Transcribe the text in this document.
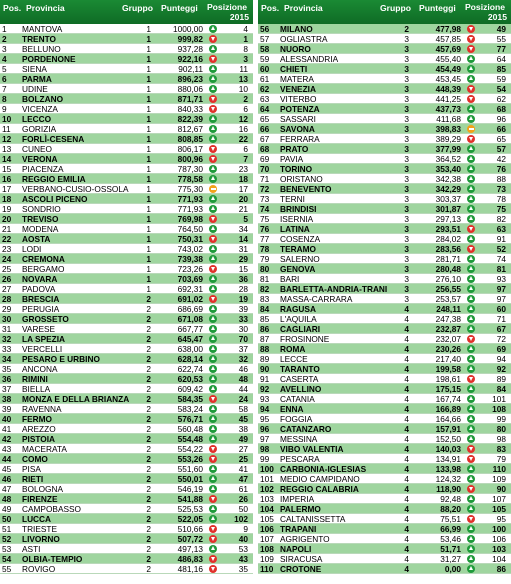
Pos. Provincia	Gruppo Punteggi	Posizione
2015
1	MANTOVA	1	1000,00	4
2	TRENTO	1	999,82	1
3	BELLUNO	1	937,28	8
4	PORDENONE	1	922,16	3
5	SIENA	1	902,11	11
6	PARMA	1	896,23	13
7	UDINE	1	880,06	10
8	BOLZANO	1	871,71	2
9	VICENZA	1	840,33	6
10	LECCO	1	822,39	12
11	GORIZIA	1	812,67	16
12	FORLÌ-CESENA	1	808,85	22
13	CUNEO	1	806,17	6
14	VERONA	1	800,96	7
15	PIACENZA	1	787,30	23
16	REGGIO EMILIA	1	778,58	18
17	VERBANO-CUSIO-OSSOLA	1	775,30	17
18	ASCOLI PICENO	1	771,93	20
19	SONDRIO	1	771,93	21
20	TREVISO	1	769,98	5
21	MODENA	1	764,50	34
22	AOSTA	1	750,31	14
23	LODI	1	743,02	31
24	CREMONA	1	739,38	29
25	BERGAMO	1	723,26	15
26	NOVARA	1	703,69	36
27	PADOVA	1	692,31	28
28	BRESCIA	2	691,02	19
29	PERUGIA	2	686,69	39
30	GROSSETO	2	671,08	33
31	VARESE	2	667,77	30
32	LA SPEZIA	2	645,47	70
33	VERCELLI	2	638,00	37
34	PESARO E URBINO	2	628,14	32
35	ANCONA	2	622,74	46
36	RIMINI	2	620,53	48
37	BIELLA	2	609,42	44
38	MONZA E DELLA BRIANZA	2	584,35	24
39	RAVENNA	2	583,24	58
40	FERMO	2	576,71	45
41	AREZZO	2	560,48	38
42	PISTOIA	2	554,48	49
43	MACERATA	2	554,22	27
44	COMO	2	553,26	25
45	PISA	2	551,60	41
46	RIETI	2	550,01	47
47	BOLOGNA	2	546,19	61
48	FIRENZE	2	541,88	26
49	CAMPOBASSO	2	525,53	50
50	LUCCA	2	522,05	102
51	TRIESTE	2	510,66	9
52	LIVORNO	2	507,72	40
53	ASTI	2	497,13	53
54	OLBIA-TEMPIO	2	486,83	43
55	ROVIGO	2	481,16	35
Pos. Provincia	Gruppo Punteggi	Posizione
2015
56	MILANO	2	477,98	49
57	OGLIASTRA	3	457,85	55
58	NUORO	3	457,69	77
59	ALESSANDRIA	3	455,40	64
60	CHIETI	3	454,49	85
61	MATERA	3	453,45	59
62	VENEZIA	3	448,39	54
63	VITERBO	3	441,25	62
64	POTENZA	3	437,73	68
65	SASSARI	3	411,68	96
66	SAVONA	3	398,83	66
67	FERRARA	3	389,29	65
68	PRATO	3	377,99	57
69	PAVIA	3	364,52	42
70	TORINO	3	353,40	76
71	ORISTANO	3	342,38	88
72	BENEVENTO	3	342,29	73
73	TERNI	3	303,37	78
74	BRINDISI	3	301,87	75
75	ISERNIA	3	297,13	82
76	LATINA	3	293,51	63
77	COSENZA	3	284,02	91
78	TERAMO	3	283,56	52
79	SALERNO	3	281,71	74
80	GENOVA	3	280,48	81
81	BARI	3	276,10	93
82	BARLETTA-ANDRIA-TRANI	3	256,55	97
83	MASSA-CARRARA	3	253,57	97
84	RAGUSA	4	248,11	60
85	L'AQUILA	4	247,38	71
86	CAGLIARI	4	232,87	67
87	FROSINONE	4	232,07	72
88	ROMA	4	230,26	69
89	LECCE	4	217,40	94
90	TARANTO	4	199,58	92
91	CASERTA	4	198,61	89
92	AVELLINO	4	175,15	84
93	CATANIA	4	167,74	101
94	ENNA	4	166,89	108
95	FOGGIA	4	164,66	99
96	CATANZARO	4	157,91	80
97	MESSINA	4	152,50	98
98	VIBO VALENTIA	4	140,03	83
99	PESCARA	4	134,91	79
100 CARBONIA-IGLESIAS	4	133,98	110
101 MEDIO CAMPIDANO	4	124,32	109
102 REGGIO CALABRIA	4	118,90	90
103 IMPERIA	4	92,48	107
104 PALERMO	4	88,20	105
105 CALTANISSETTA	4	75,51	95
106 TRAPANI	4	66,99	100
107 AGRIGENTO	4	53,46	106
108 NAPOLI	4	51,71	103
109 SIRACUSA	4	31,27	104
110 CROTONE	4	0,00	86
